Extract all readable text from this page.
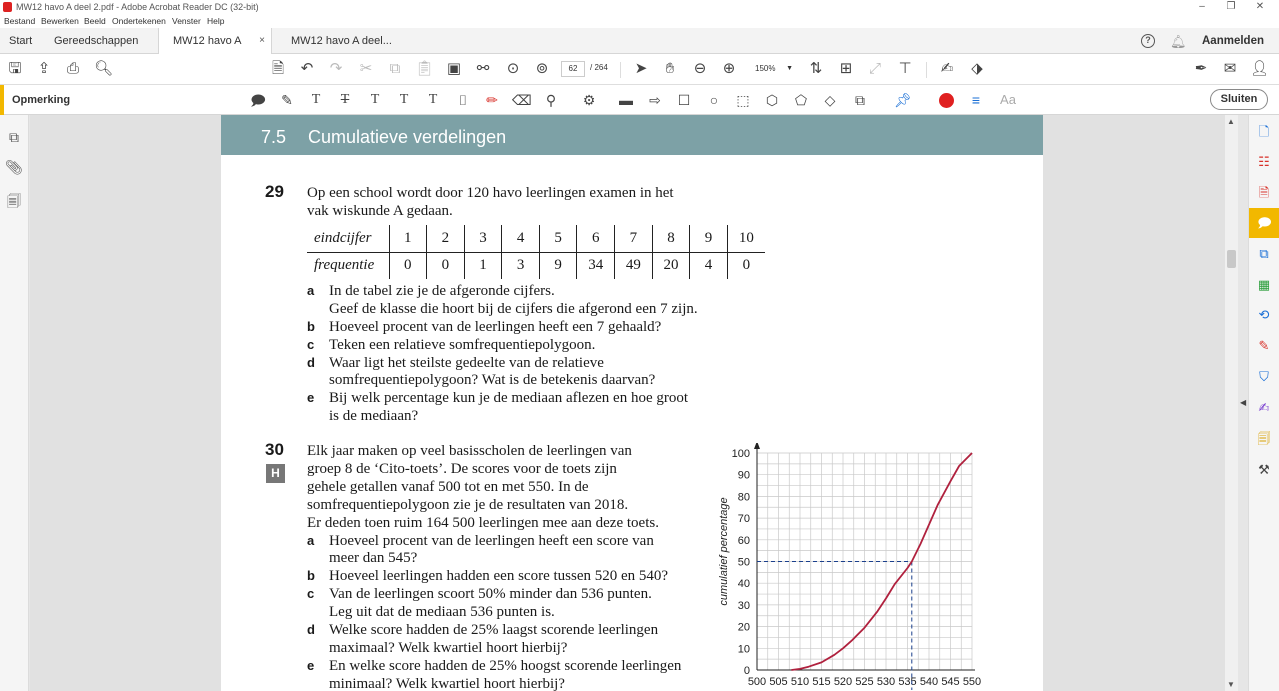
MW12 havo A deel 2.pdf - Adobe Acrobat Reader DC (32-bit)	–	❐ ✕
Bestand Bewerken Beeld Ondertekenen Venster Help
Start Gereedschappen	MW12 havo A ×	MW12 havo A deel...	?	🔔︎ Aanmelden
🖫 ⇪ ⎙ 🔍︎	🗎 ↶ ↷ ✂ ⧉ 📋︎ ▣ ⚯ ⊙ ⊚	62	/ 264 ➤	✋︎	⊖ ⊕	150% ▼ ⇅ ⊞ ⤢ ⊤ ✍︎ ⬗	✒︎ ✉︎ 👤︎
Opmerking	🗩 ✎	T	T	T	T	T	⌷	✏︎ ⌫ ⚲ ⚙ ▬ ⇨ ☐	○	⬚ ⬡ ⬠ ◇ ⧉ 📌︎	≡	Aa	Sluiten
⧉
📎︎
🗐
7.5 Cumulatieve verdelingen
29 Op een school wordt door 120 havo leerlingen examen in het
vak wiskunde A gedaan.
eindcijfer	1	2	3	4	5	6	7	8	9	10
frequentie	0	0	1	3	9	34	49	20	4	0
a In de tabel zie je de afgeronde cijfers.
Geef de klasse die hoort bij de cijfers die afgerond een 7 zijn.
b Hoeveel procent van de leerlingen heeft een 7 gehaald?
c Teken een relatieve somfrequentiepolygoon.
d Waar ligt het steilste gedeelte van de relatieve
somfrequentiepolygoon? Wat is de betekenis daarvan?
e Bij welk percentage kun je de mediaan aflezen en hoe groot
is de mediaan?
30
H
Elk jaar maken op veel basisscholen de leerlingen van
groep 8 de ‘Cito-toets’. De scores voor de toets zijn
gehele getallen vanaf 500 tot en met 550. In de
somfrequentiepolygoon zie je de resultaten van 2018.
Er deden toen ruim 164 500 leerlingen mee aan deze toets.
a Hoeveel procent van de leerlingen heeft een score van
meer dan 545?
b Hoeveel leerlingen hadden een score tussen 520 en 540?
c Van de leerlingen scoort 50% minder dan 536 punten.
Leg uit dat de mediaan 536 punten is.
d Welke score hadden de 25% laagst scorende leerlingen
maximaal? Welk kwartiel hoort hierbij?
e En welke score hadden de 25% hoogst scorende leerlingen
minimaal? Welk kwartiel hoort hierbij?
0
10
20
30
40
50
60
70
80
90
100
500 505 510 515 520 525 530 535 540 545 550
cumulatief percentage
▲
▼
◀
🗋
☷
🗎
🗩
⧉
▦
⟲
✎
⛉
✍︎
🗐
⚒
